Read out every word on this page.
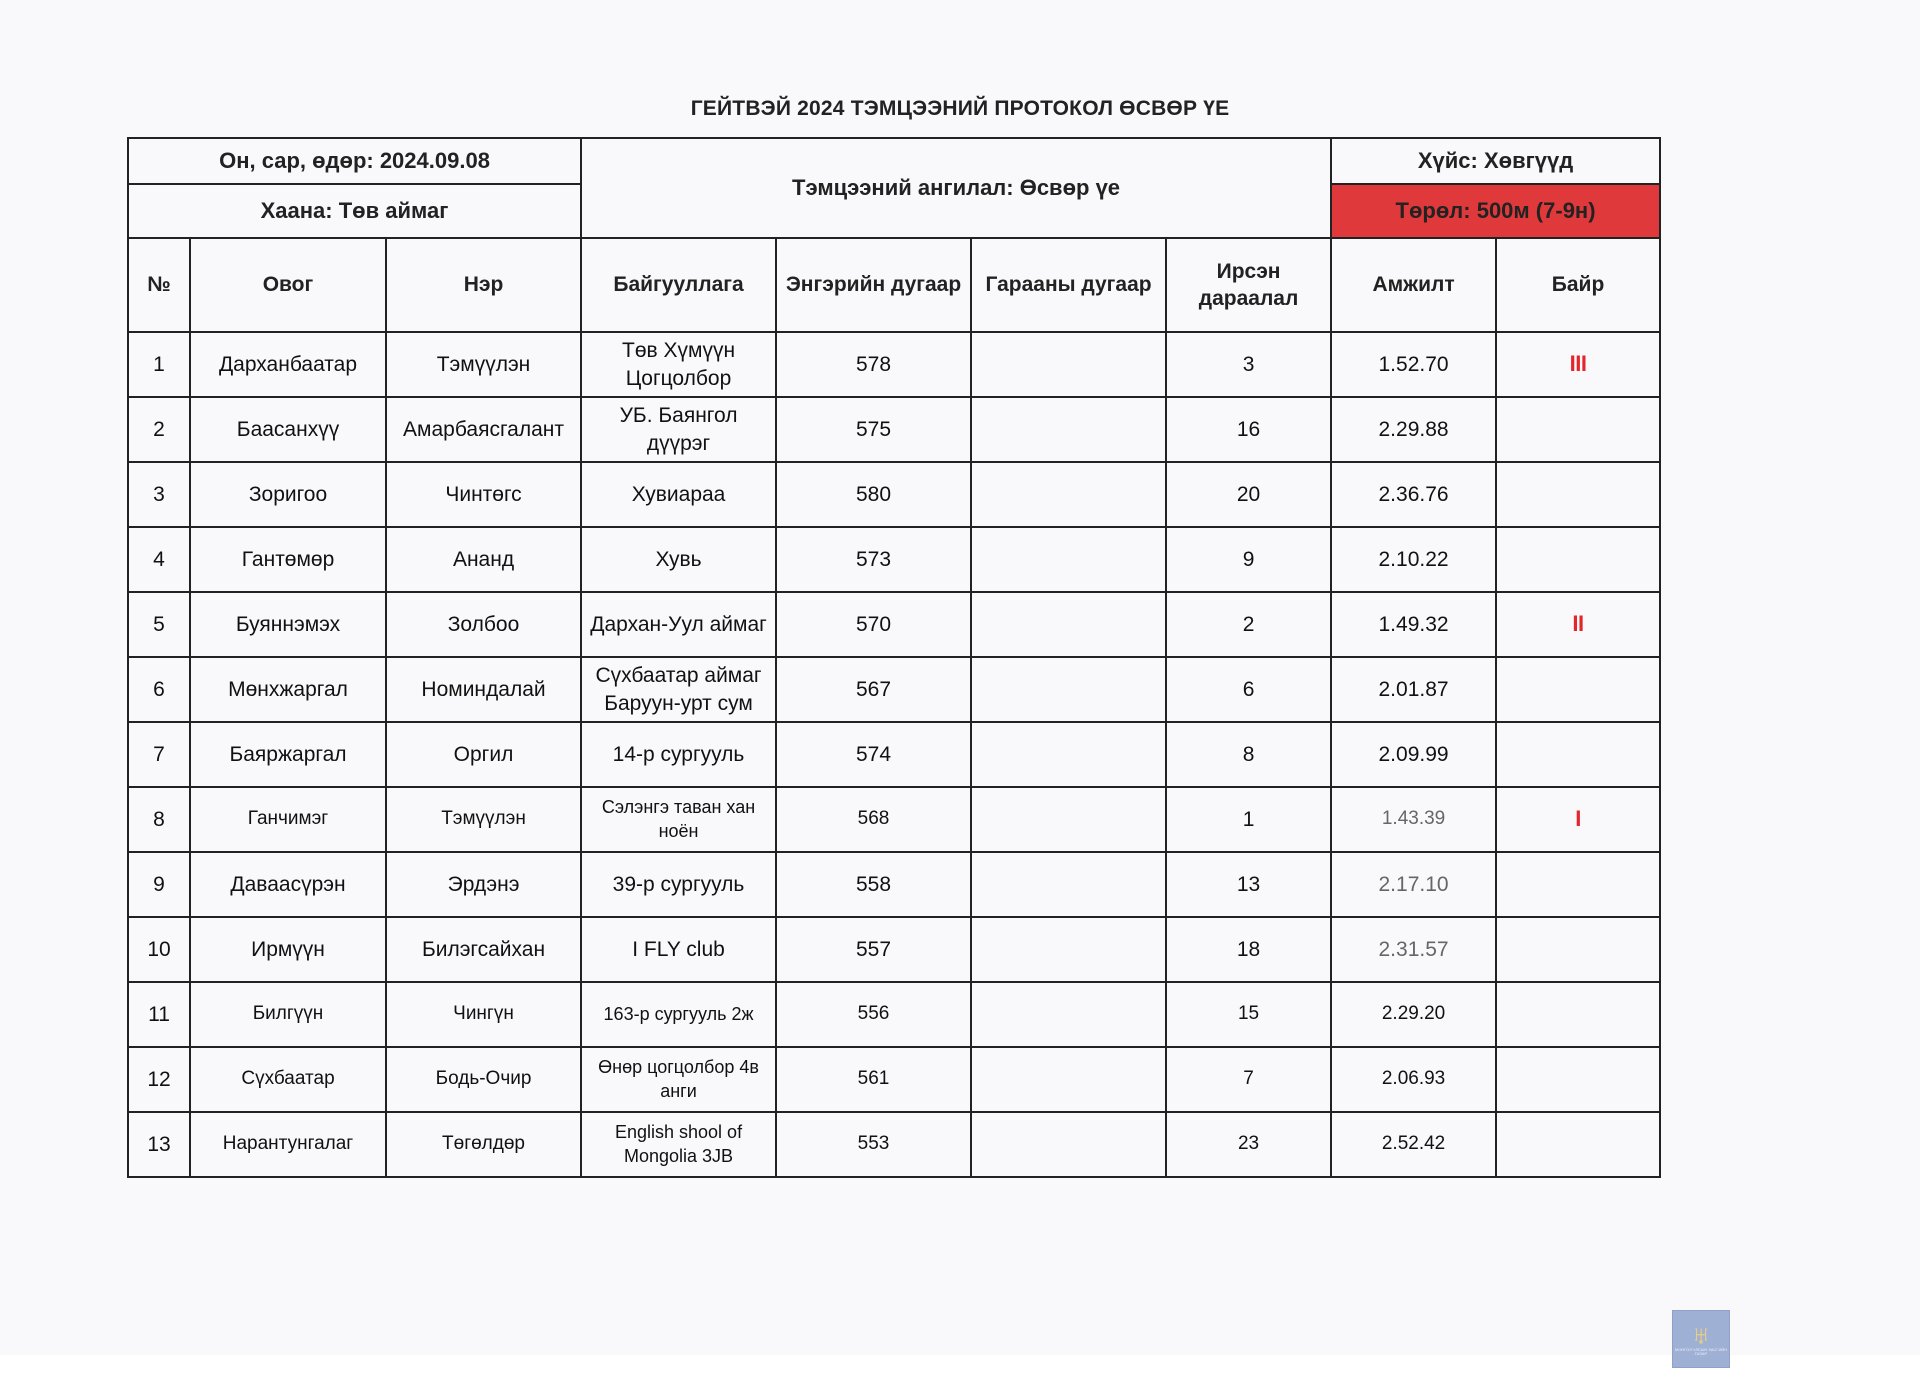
ГЕЙТВЭЙ 2024 ТЭМЦЭЭНИЙ ПРОТОКОЛ ӨСВӨР ҮЕ
Он, сар, өдөр: 2024.09.08			Тэмцээний ангилал: Өсвөр үе				Хүйс: Хөвгүүд	
Хаана: Төв аймаг							Төрөл: 500м (7-9н)	
№	Овог	Нэр	Байгууллага	Энгэрийн дугаар	Гарааны дугаар	Ирсэн дараалал	Амжилт	Байр
1	Дарханбаатар	Тэмүүлэн	Төв Хүмүүн Цогцолбор	578		3	1.52.70	III
2	Баасанхүү	Амарбаясгалант	УБ. Баянгол дүүрэг	575		16	2.29.88	
3	Зоригоо	Чинтөгс	Хувиараа	580		20	2.36.76	
4	Гантөмөр	Ананд	Хувь	573		9	2.10.22	
5	Буяннэмэх	Золбоо	Дархан-Уул аймаг	570		2	1.49.32	II
6	Мөнхжаргал	Номиндалай	Сүхбаатар аймаг Баруун-урт сум	567		6	2.01.87	
7	Баяржаргал	Оргил	14-р сургууль	574		8	2.09.99	
8	Ганчимэг	Тэмүүлэн	Сэлэнгэ таван хан ноён	568		1	1.43.39	I
9	Даваасүрэн	Эрдэнэ	39-р сургууль	558		13	2.17.10	
10	Ирмүүн	Билэгсайхан	I FLY club	557		18	2.31.57	
11	Билгүүн	Чингүн	163-р сургууль 2ж	556		15	2.29.20	
12	Сүхбаатар	Бодь-Очир	Өнөр цогцолбор 4в анги	561		7	2.06.93	
13	Нарантунгалаг	Төгөлдөр	English shool of Mongolia 3JB	553		23	2.52.42	
♅
МОНГОЛ УЛСЫН ЗАСГИЙН ГАЗАР
